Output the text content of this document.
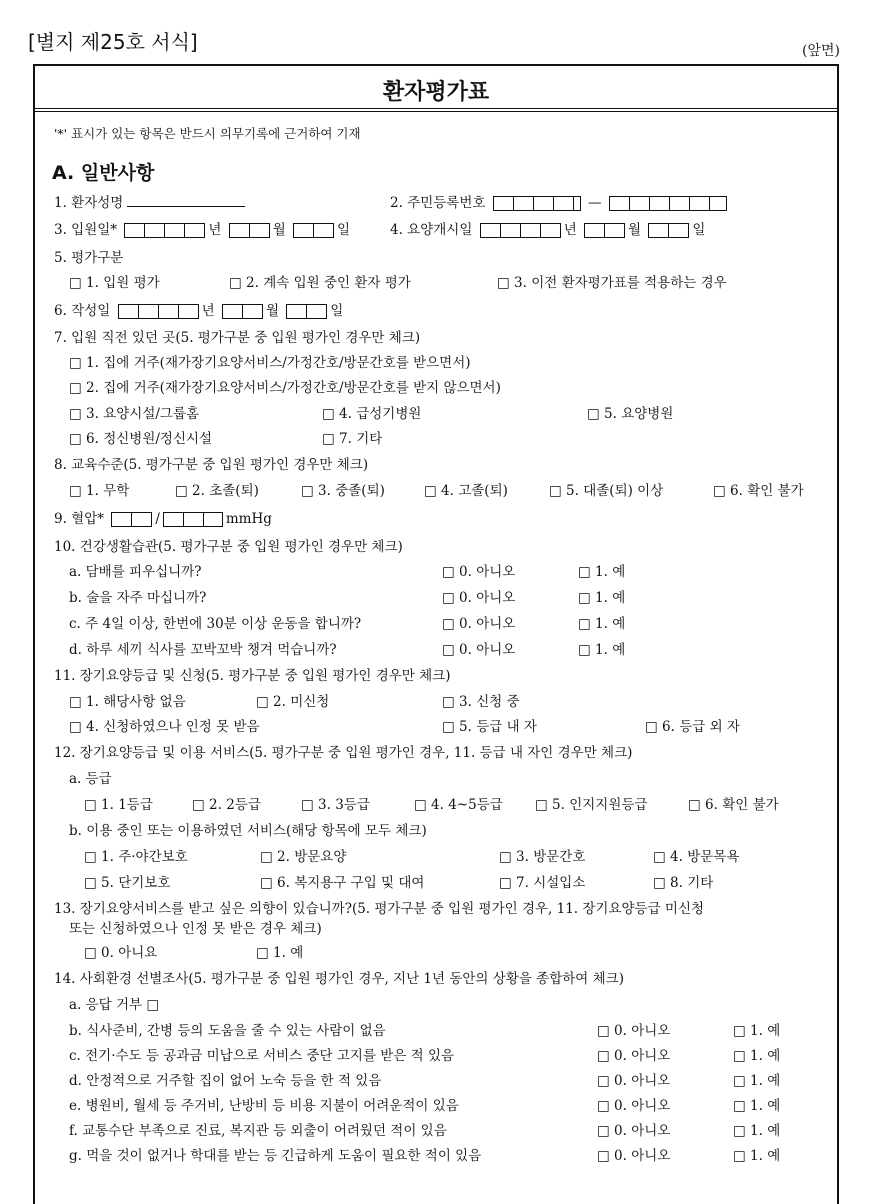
[별지 제25호 서식]	(앞면)
환자평가표
'*' 표시가 있는 항목은 반드시 의무기록에 근거하여 기재
A. 일반사항
1. 환자성명	2. 주민등록번호	—
3. 입원일*	년	월	일	4. 요양개시일	년	월	일
5. 평가구분
□ 1. 입원 평가	□ 2. 계속 입원 중인 환자 평가	□ 3. 이전 환자평가표를 적용하는 경우
6. 작성일	년	월	일
7. 입원 직전 있던 곳(5. 평가구분 중 입원 평가인 경우만 체크)
□ 1. 집에 거주(재가장기요양서비스/가정간호/방문간호를 받으면서)
□ 2. 집에 거주(재가장기요양서비스/가정간호/방문간호를 받지 않으면서)
□ 3. 요양시설/그룹홈	□ 4. 급성기병원	□ 5. 요양병원
□ 6. 정신병원/정신시설	□ 7. 기타
8. 교육수준(5. 평가구분 중 입원 평가인 경우만 체크)
□ 1. 무학	□ 2. 초졸(퇴)	□ 3. 중졸(퇴)	□ 4. 고졸(퇴)	□ 5. 대졸(퇴) 이상	□ 6. 확인 불가
9. 혈압*	/	mmHg
10. 건강생활습관(5. 평가구분 중 입원 평가인 경우만 체크)
a. 담배를 피우십니까?	□ 0. 아니오	□ 1. 예
b. 술을 자주 마십니까?	□ 0. 아니오	□ 1. 예
c. 주 4일 이상, 한번에 30분 이상 운동을 합니까?	□ 0. 아니오	□ 1. 예
d. 하루 세끼 식사를 꼬박꼬박 챙겨 먹습니까?	□ 0. 아니오	□ 1. 예
11. 장기요양등급 및 신청(5. 평가구분 중 입원 평가인 경우만 체크)
□ 1. 해당사항 없음	□ 2. 미신청	□ 3. 신청 중
□ 4. 신청하였으나 인정 못 받음	□ 5. 등급 내 자	□ 6. 등급 외 자
12. 장기요양등급 및 이용 서비스(5. 평가구분 중 입원 평가인 경우, 11. 등급 내 자인 경우만 체크)
a. 등급
□ 1. 1등급	□ 2. 2등급	□ 3. 3등급	□ 4. 4~5등급 □ 5. 인지지원등급	□ 6. 확인 불가
b. 이용 중인 또는 이용하였던 서비스(해당 항목에 모두 체크)
□ 1. 주·야간보호	□ 2. 방문요양	□ 3. 방문간호	□ 4. 방문목욕
□ 5. 단기보호	□ 6. 복지용구 구입 및 대여	□ 7. 시설입소	□ 8. 기타
13. 장기요양서비스를 받고 싶은 의향이 있습니까?(5. 평가구분 중 입원 평가인 경우, 11. 장기요양등급 미신청
또는 신청하였으나 인정 못 받은 경우 체크)
□ 0. 아니요	□ 1. 예
14. 사회환경 선별조사(5. 평가구분 중 입원 평가인 경우, 지난 1년 동안의 상황을 종합하여 체크)
a. 응답 거부 □
b. 식사준비, 간병 등의 도움을 줄 수 있는 사람이 없음	□ 0. 아니오	□ 1. 예
c. 전기·수도 등 공과금 미납으로 서비스 중단 고지를 받은 적 있음	□ 0. 아니오	□ 1. 예
d. 안정적으로 거주할 집이 없어 노숙 등을 한 적 있음	□ 0. 아니오	□ 1. 예
e. 병원비, 월세 등 주거비, 난방비 등 비용 지불이 어려운적이 있음	□ 0. 아니오	□ 1. 예
f. 교통수단 부족으로 진료, 복지관 등 외출이 어려웠던 적이 있음	□ 0. 아니오	□ 1. 예
g. 먹을 것이 없거나 학대를 받는 등 긴급하게 도움이 필요한 적이 있음	□ 0. 아니오	□ 1. 예
